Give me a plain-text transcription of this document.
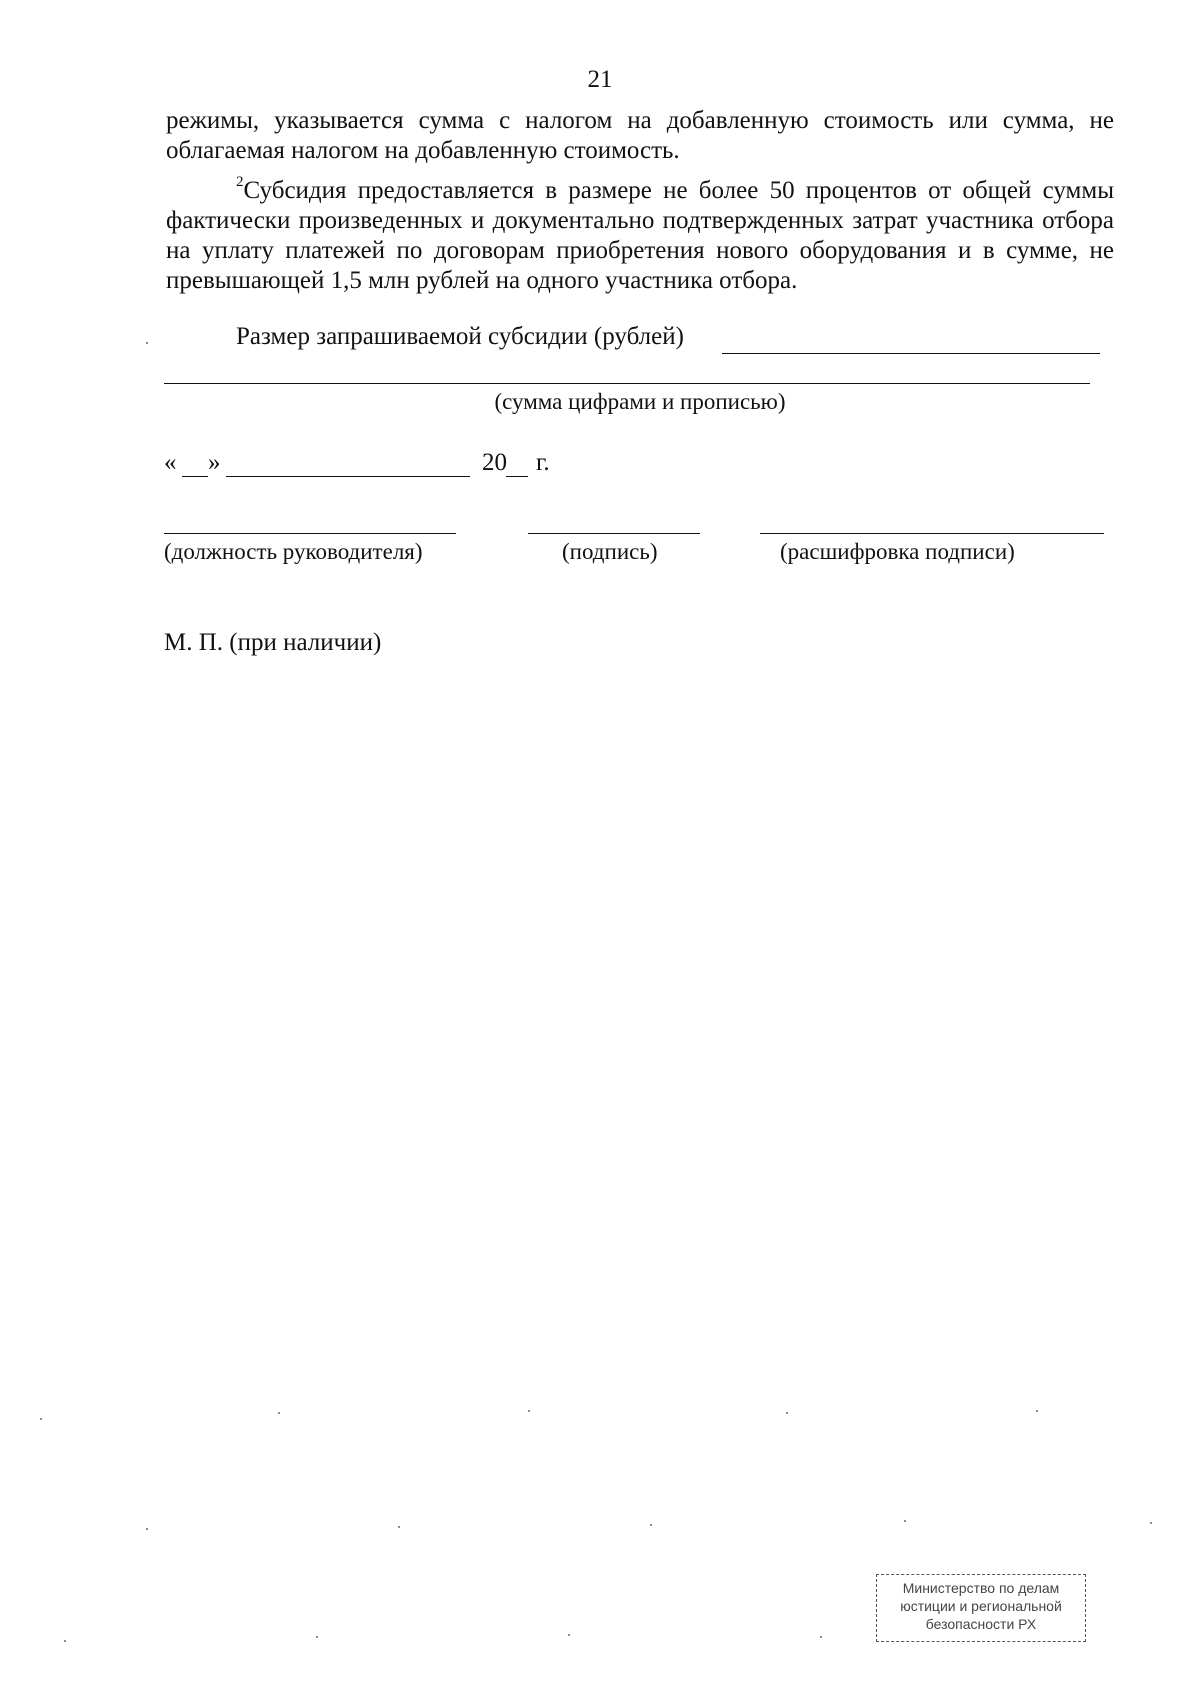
21
режимы, указывается сумма с налогом на добавленную стоимость или сумма, не облагаемая налогом на добавленную стоимость.
$^2$Субсидия предоставляется в размере не более 50 процентов от общей суммы фактически произведенных и документально подтвержденных затрат участника отбора на уплату платежей по договорам приобретения нового оборудования и в сумме, не превышающей 1,5 млн рублей на одного участника отбора.
Размер запрашиваемой субсидии (рублей)
(сумма цифрами и прописью)
« »	20 г.
(должность руководителя)	(подпись)	(расшифровка подписи)
М. П. (при наличии)
Министерство по делам
юстиции и региональной
безопасности РХ
